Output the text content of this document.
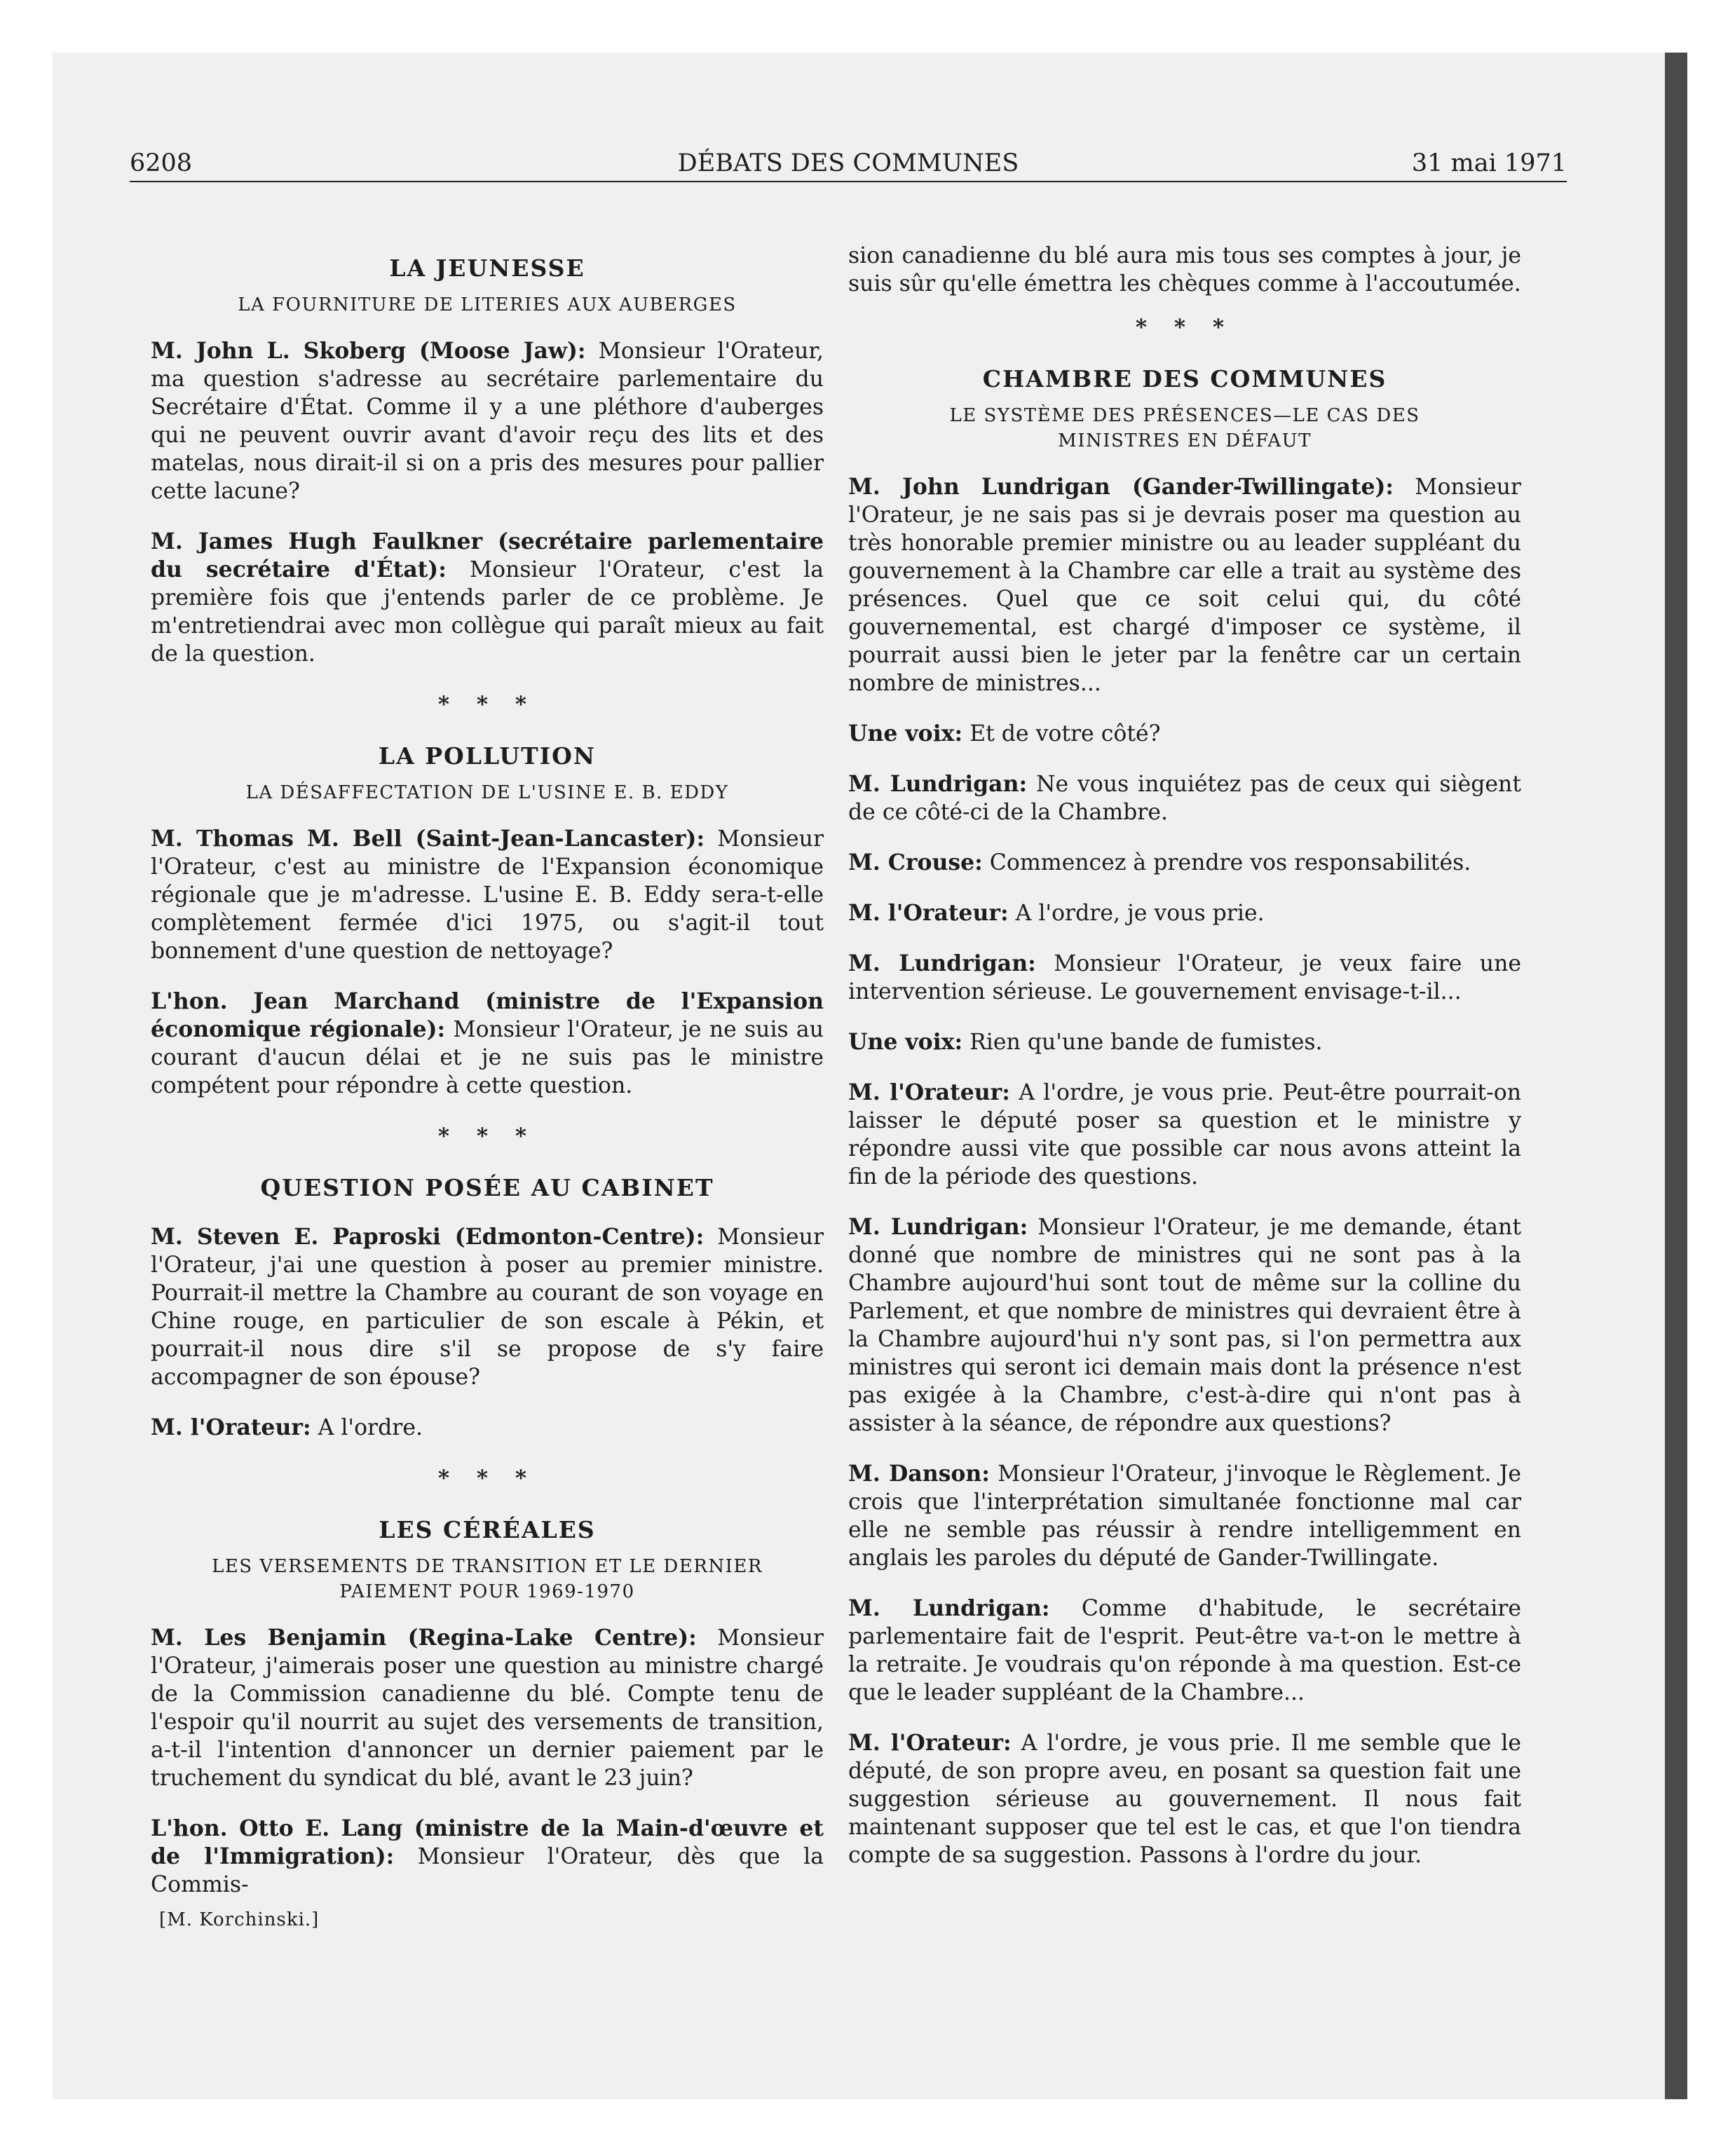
6208	DÉBATS DES COMMUNES	31 mai 1971
LA JEUNESSE
LA FOURNITURE DE LITERIES AUX AUBERGES

M. John L. Skoberg (Moose Jaw): Monsieur l'Orateur, ma question s'adresse au secrétaire parlementaire du Secrétaire d'État. Comme il y a une pléthore d'auberges qui ne peuvent ouvrir avant d'avoir reçu des lits et des matelas, nous dirait-il si on a pris des mesures pour pallier cette lacune?

M. James Hugh Faulkner (secrétaire parlementaire du secrétaire d'État): Monsieur l'Orateur, c'est la première fois que j'entends parler de ce problème. Je m'entretiendrai avec mon collègue qui paraît mieux au fait de la question.

* * *
LA POLLUTION
LA DÉSAFFECTATION DE L'USINE E. B. EDDY

M. Thomas M. Bell (Saint-Jean-Lancaster): Monsieur l'Orateur, c'est au ministre de l'Expansion économique régionale que je m'adresse. L'usine E. B. Eddy sera-t-elle complètement fermée d'ici 1975, ou s'agit-il tout bonnement d'une question de nettoyage?

L'hon. Jean Marchand (ministre de l'Expansion économique régionale): Monsieur l'Orateur, je ne suis au courant d'aucun délai et je ne suis pas le ministre compétent pour répondre à cette question.

* * *
QUESTION POSÉE AU CABINET

M. Steven E. Paproski (Edmonton-Centre): Monsieur l'Orateur, j'ai une question à poser au premier ministre. Pourrait-il mettre la Chambre au courant de son voyage en Chine rouge, en particulier de son escale à Pékin, et pourrait-il nous dire s'il se propose de s'y faire accompagner de son épouse?

M. l'Orateur: A l'ordre.

* * *
LES CÉRÉALES
LES VERSEMENTS DE TRANSITION ET LE DERNIER PAIEMENT POUR 1969-1970

M. Les Benjamin (Regina-Lake Centre): Monsieur l'Orateur, j'aimerais poser une question au ministre chargé de la Commission canadienne du blé. Compte tenu de l'espoir qu'il nourrit au sujet des versements de transition, a-t-il l'intention d'annoncer un dernier paiement par le truchement du syndicat du blé, avant le 23 juin?

L'hon. Otto E. Lang (ministre de la Main-d'œuvre et de l'Immigration): Monsieur l'Orateur, dès que la Commis-

[M. Korchinski.]

sion canadienne du blé aura mis tous ses comptes à jour, je suis sûr qu'elle émettra les chèques comme à l'accoutumée.

* * *
CHAMBRE DES COMMUNES
LE SYSTÈME DES PRÉSENCES—LE CAS DES MINISTRES EN DÉFAUT

M. John Lundrigan (Gander-Twillingate): Monsieur l'Orateur, je ne sais pas si je devrais poser ma question au très honorable premier ministre ou au leader suppléant du gouvernement à la Chambre car elle a trait au système des présences. Quel que ce soit celui qui, du côté gouvernemental, est chargé d'imposer ce système, il pourrait aussi bien le jeter par la fenêtre car un certain nombre de ministres...

Une voix: Et de votre côté?

M. Lundrigan: Ne vous inquiétez pas de ceux qui siègent de ce côté-ci de la Chambre.

M. Crouse: Commencez à prendre vos responsabilités.

M. l'Orateur: A l'ordre, je vous prie.

M. Lundrigan: Monsieur l'Orateur, je veux faire une intervention sérieuse. Le gouvernement envisage-t-il...

Une voix: Rien qu'une bande de fumistes.

M. l'Orateur: A l'ordre, je vous prie. Peut-être pourrait-on laisser le député poser sa question et le ministre y répondre aussi vite que possible car nous avons atteint la fin de la période des questions.

M. Lundrigan: Monsieur l'Orateur, je me demande, étant donné que nombre de ministres qui ne sont pas à la Chambre aujourd'hui sont tout de même sur la colline du Parlement, et que nombre de ministres qui devraient être à la Chambre aujourd'hui n'y sont pas, si l'on permettra aux ministres qui seront ici demain mais dont la présence n'est pas exigée à la Chambre, c'est-à-dire qui n'ont pas à assister à la séance, de répondre aux questions?

M. Danson: Monsieur l'Orateur, j'invoque le Règlement. Je crois que l'interprétation simultanée fonctionne mal car elle ne semble pas réussir à rendre intelligemment en anglais les paroles du député de Gander-Twillingate.

M. Lundrigan: Comme d'habitude, le secrétaire parlementaire fait de l'esprit. Peut-être va-t-on le mettre à la retraite. Je voudrais qu'on réponde à ma question. Est-ce que le leader suppléant de la Chambre...

M. l'Orateur: A l'ordre, je vous prie. Il me semble que le député, de son propre aveu, en posant sa question fait une suggestion sérieuse au gouvernement. Il nous fait maintenant supposer que tel est le cas, et que l'on tiendra compte de sa suggestion. Passons à l'ordre du jour.
